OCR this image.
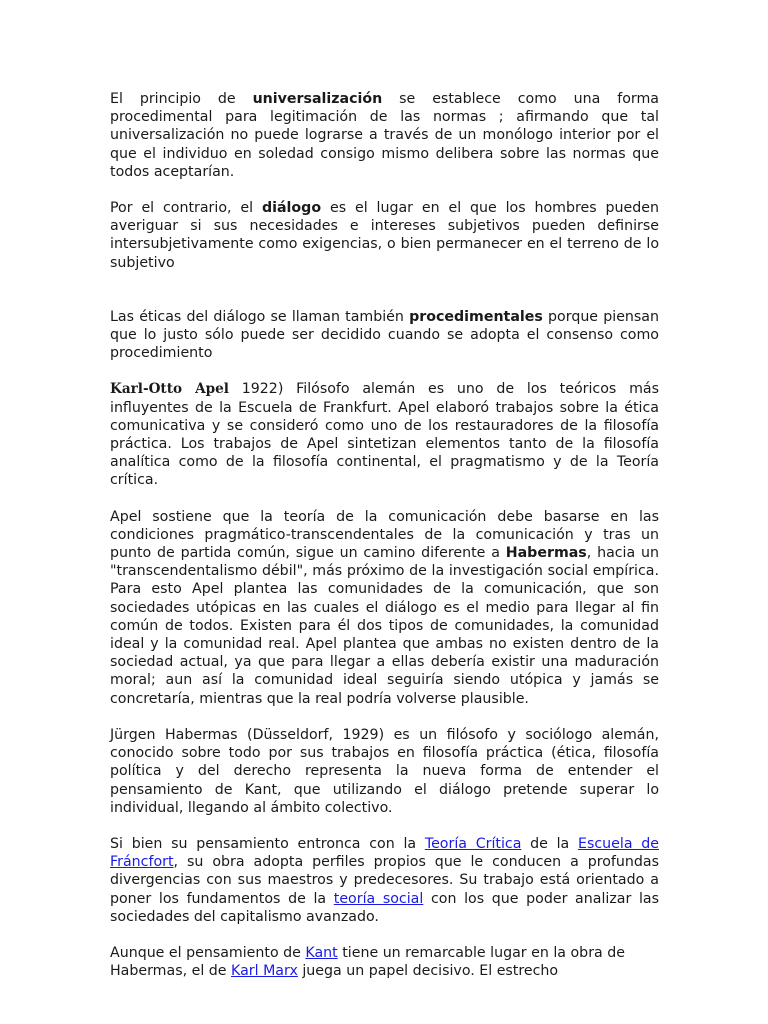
El principio de universalización se establece como una forma procedimental para legitimación de las normas ; afirmando que tal universalización no puede lograrse a través de un monólogo interior por el que el individuo en soledad consigo mismo delibera sobre las normas que todos aceptarían.

Por el contrario, el diálogo es el lugar en el que los hombres pueden averiguar si sus necesidades e intereses subjetivos pueden definirse intersubjetivamente como exigencias, o bien permanecer en el terreno de lo subjetivo

Las éticas del diálogo se llaman también procedimentales porque piensan que lo justo sólo puede ser decidido cuando se adopta el consenso como procedimiento

Karl-Otto Apel 1922) Filósofo alemán es uno de los teóricos más influyentes de la Escuela de Frankfurt. Apel elaboró trabajos sobre la ética comunicativa y se consideró como uno de los restauradores de la filosofía práctica. Los trabajos de Apel sintetizan elementos tanto de la filosofía analítica como de la filosofía continental, el pragmatismo y de la Teoría crítica.

Apel sostiene que la teoría de la comunicación debe basarse en las condiciones pragmático-transcendentales de la comunicación y tras un punto de partida común, sigue un camino diferente a Habermas, hacia un "transcendentalismo débil", más próximo de la investigación social empírica. Para esto Apel plantea las comunidades de la comunicación, que son sociedades utópicas en las cuales el diálogo es el medio para llegar al fin común de todos. Existen para él dos tipos de comunidades, la comunidad ideal y la comunidad real. Apel plantea que ambas no existen dentro de la sociedad actual, ya que para llegar a ellas debería existir una maduración moral; aun así la comunidad ideal seguiría siendo utópica y jamás se concretaría, mientras que la real podría volverse plausible.

Jürgen Habermas (Düsseldorf, 1929) es un filósofo y sociólogo alemán, conocido sobre todo por sus trabajos en filosofía práctica (ética, filosofía política y del derecho representa la nueva forma de entender el pensamiento de Kant, que utilizando el diálogo pretende superar lo individual, llegando al ámbito colectivo.

Si bien su pensamiento entronca con la Teoría Crítica de la Escuela de Fráncfort, su obra adopta perfiles propios que le conducen a profundas divergencias con sus maestros y predecesores. Su trabajo está orientado a poner los fundamentos de la teoría social con los que poder analizar las sociedades del capitalismo avanzado.

Aunque el pensamiento de Kant tiene un remarcable lugar en la obra de Habermas, el de Karl Marx juega un papel decisivo. El estrecho
